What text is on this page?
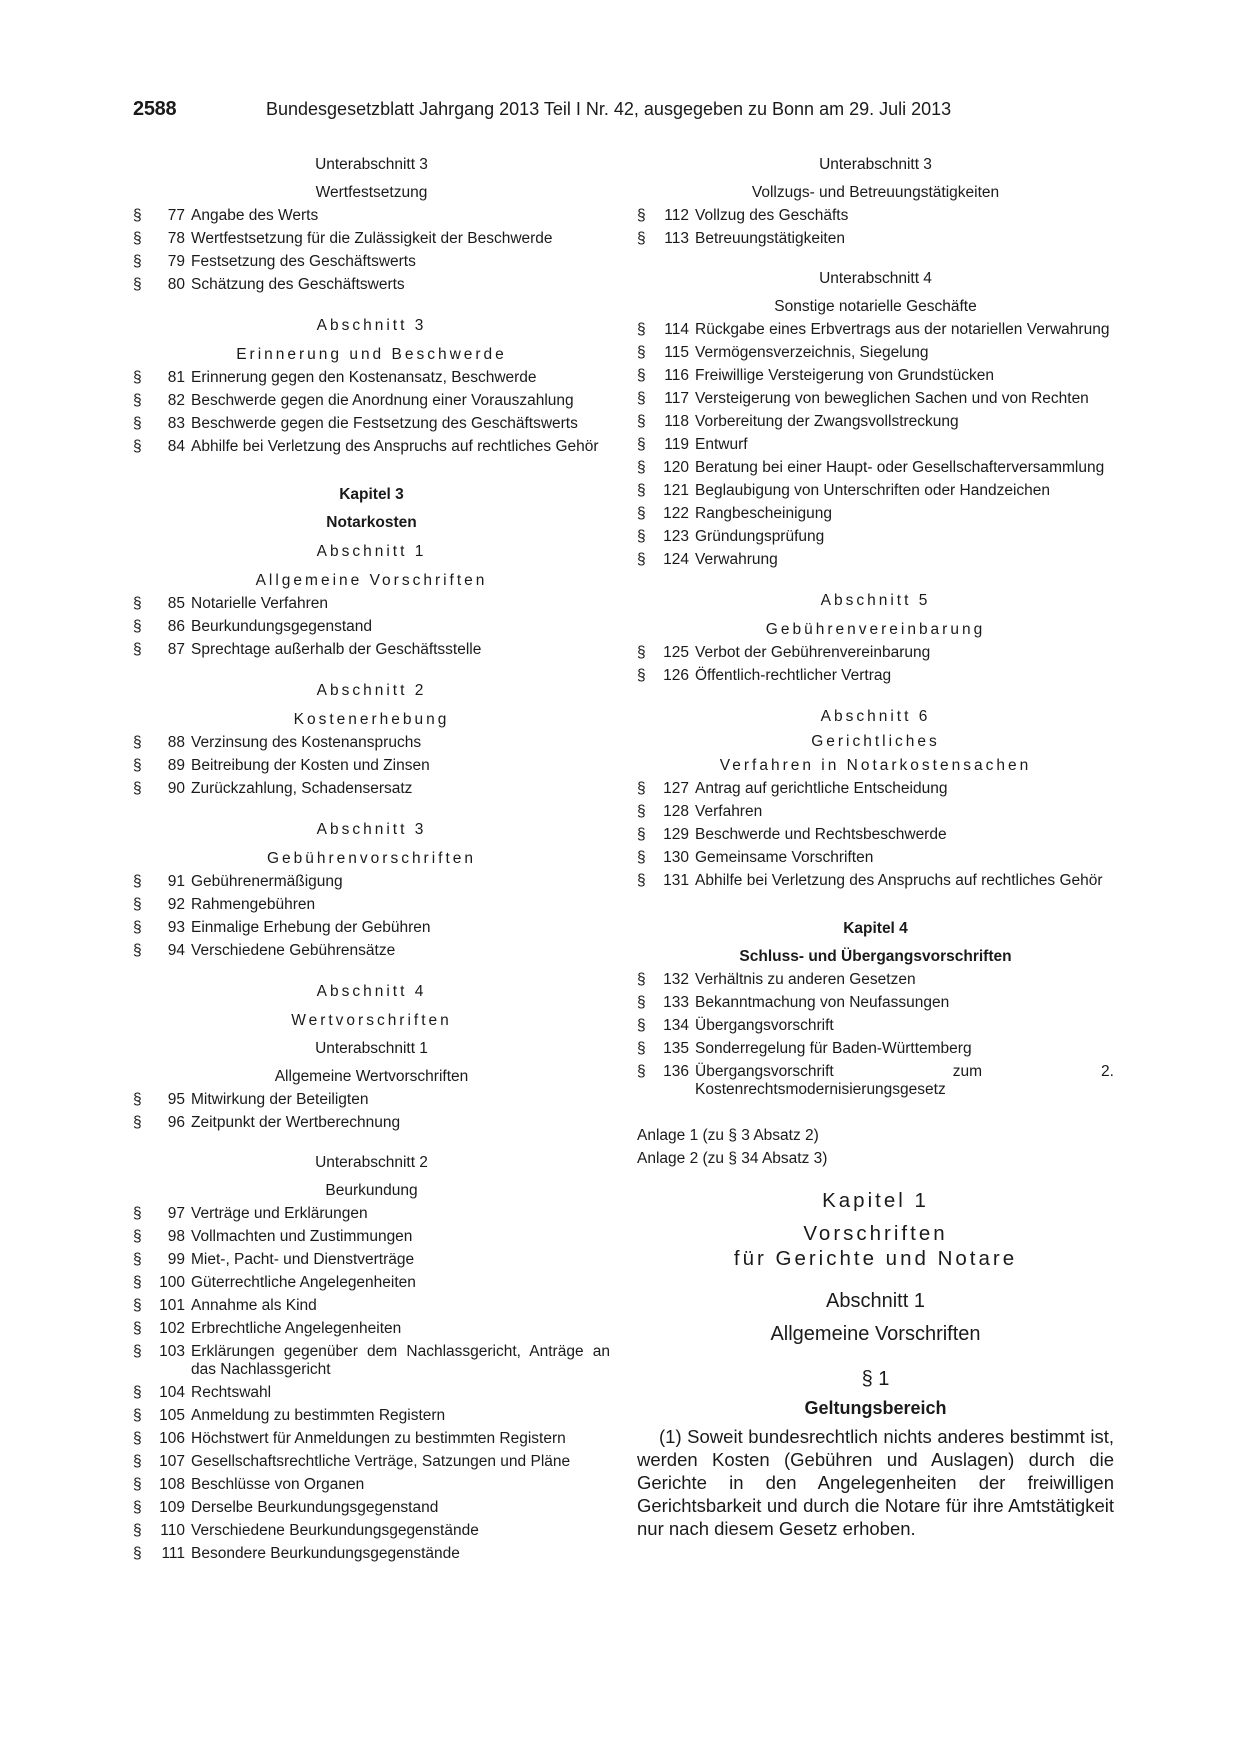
2588	Bundesgesetzblatt Jahrgang 2013 Teil I Nr. 42, ausgegeben zu Bonn am 29. Juli 2013
Unterabschnitt 3
Wertfestsetzung
§ 77 Angabe des Werts
§ 78 Wertfestsetzung für die Zulässigkeit der Beschwerde
§ 79 Festsetzung des Geschäftswerts
§ 80 Schätzung des Geschäftswerts
Abschnitt 3
Erinnerung und Beschwerde
§ 81 Erinnerung gegen den Kostenansatz, Beschwerde
§ 82 Beschwerde gegen die Anordnung einer Vorauszahlung
§ 83 Beschwerde gegen die Festsetzung des Geschäftswerts
§ 84 Abhilfe bei Verletzung des Anspruchs auf rechtliches Gehör
Kapitel 3
Notarkosten
Abschnitt 1
Allgemeine Vorschriften
§ 85 Notarielle Verfahren
§ 86 Beurkundungsgegenstand
§ 87 Sprechtage außerhalb der Geschäftsstelle
Abschnitt 2
Kostenerhebung
§ 88 Verzinsung des Kostenanspruchs
§ 89 Beitreibung der Kosten und Zinsen
§ 90 Zurückzahlung, Schadensersatz
Abschnitt 3
Gebührenvorschriften
§ 91 Gebührenermäßigung
§ 92 Rahmengebühren
§ 93 Einmalige Erhebung der Gebühren
§ 94 Verschiedene Gebührensätze
Abschnitt 4
Wertvorschriften
Unterabschnitt 1
Allgemeine Wertvorschriften
§ 95 Mitwirkung der Beteiligten
§ 96 Zeitpunkt der Wertberechnung
Unterabschnitt 2
Beurkundung
§ 97 Verträge und Erklärungen
§ 98 Vollmachten und Zustimmungen
§ 99 Miet-, Pacht- und Dienstverträge
§ 100 Güterrechtliche Angelegenheiten
§ 101 Annahme als Kind
§ 102 Erbrechtliche Angelegenheiten
§ 103 Erklärungen gegenüber dem Nachlassgericht, Anträge an das Nachlassgericht
§ 104 Rechtswahl
§ 105 Anmeldung zu bestimmten Registern
§ 106 Höchstwert für Anmeldungen zu bestimmten Registern
§ 107 Gesellschaftsrechtliche Verträge, Satzungen und Pläne
§ 108 Beschlüsse von Organen
§ 109 Derselbe Beurkundungsgegenstand
§ 110 Verschiedene Beurkundungsgegenstände
§ 111 Besondere Beurkundungsgegenstände
Unterabschnitt 3
Vollzugs- und Betreuungstätigkeiten
§ 112 Vollzug des Geschäfts
§ 113 Betreuungstätigkeiten
Unterabschnitt 4
Sonstige notarielle Geschäfte
§ 114 Rückgabe eines Erbvertrags aus der notariellen Verwahrung
§ 115 Vermögensverzeichnis, Siegelung
§ 116 Freiwillige Versteigerung von Grundstücken
§ 117 Versteigerung von beweglichen Sachen und von Rechten
§ 118 Vorbereitung der Zwangsvollstreckung
§ 119 Entwurf
§ 120 Beratung bei einer Haupt- oder Gesellschafterversammlung
§ 121 Beglaubigung von Unterschriften oder Handzeichen
§ 122 Rangbescheinigung
§ 123 Gründungsprüfung
§ 124 Verwahrung
Abschnitt 5
Gebührenvereinbarung
§ 125 Verbot der Gebührenvereinbarung
§ 126 Öffentlich-rechtlicher Vertrag
Abschnitt 6
Gerichtliches
Verfahren in Notarkostensachen
§ 127 Antrag auf gerichtliche Entscheidung
§ 128 Verfahren
§ 129 Beschwerde und Rechtsbeschwerde
§ 130 Gemeinsame Vorschriften
§ 131 Abhilfe bei Verletzung des Anspruchs auf rechtliches Gehör
Kapitel 4
Schluss- und Übergangsvorschriften
§ 132 Verhältnis zu anderen Gesetzen
§ 133 Bekanntmachung von Neufassungen
§ 134 Übergangsvorschrift
§ 135 Sonderregelung für Baden-Württemberg
§ 136 Übergangsvorschrift zum 2. Kostenrechtsmodernisierungsgesetz
Anlage 1 (zu § 3 Absatz 2)
Anlage 2 (zu § 34 Absatz 3)
Kapitel 1
Vorschriften
für Gerichte und Notare
Abschnitt 1
Allgemeine Vorschriften
§ 1
Geltungsbereich
(1) Soweit bundesrechtlich nichts anderes bestimmt ist, werden Kosten (Gebühren und Auslagen) durch die Gerichte in den Angelegenheiten der freiwilligen Gerichtsbarkeit und durch die Notare für ihre Amtstätigkeit nur nach diesem Gesetz erhoben.
